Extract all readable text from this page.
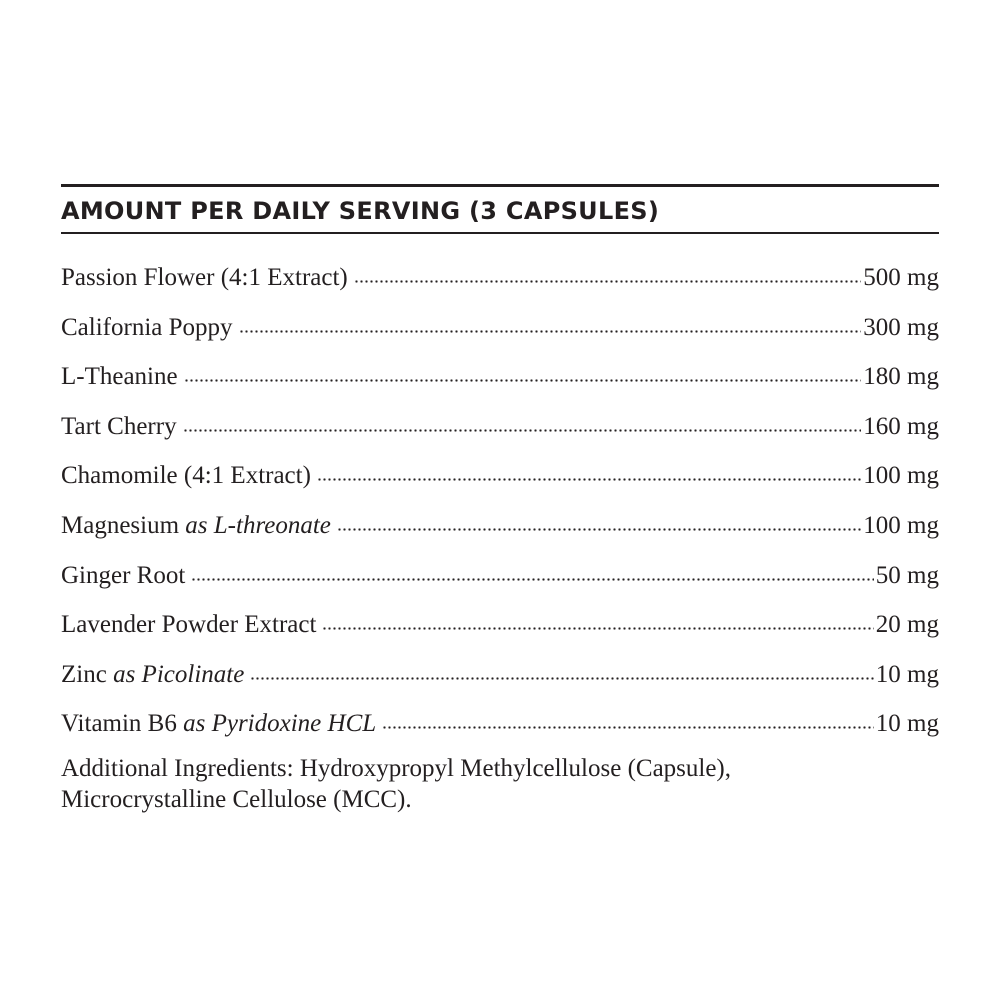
AMOUNT PER DAILY SERVING (3 CAPSULES)
Passion Flower (4:1 Extract)	500 mg
California Poppy	300 mg
L-Theanine	180 mg
Tart Cherry	160 mg
Chamomile (4:1 Extract)	100 mg
Magnesium as L-threonate	100 mg
Ginger Root	50 mg
Lavender Powder Extract	20 mg
Zinc as Picolinate	10 mg
Vitamin B6 as Pyridoxine HCL	10 mg
Additional Ingredients: Hydroxypropyl Methylcellulose (Capsule), Microcrystalline Cellulose (MCC).
